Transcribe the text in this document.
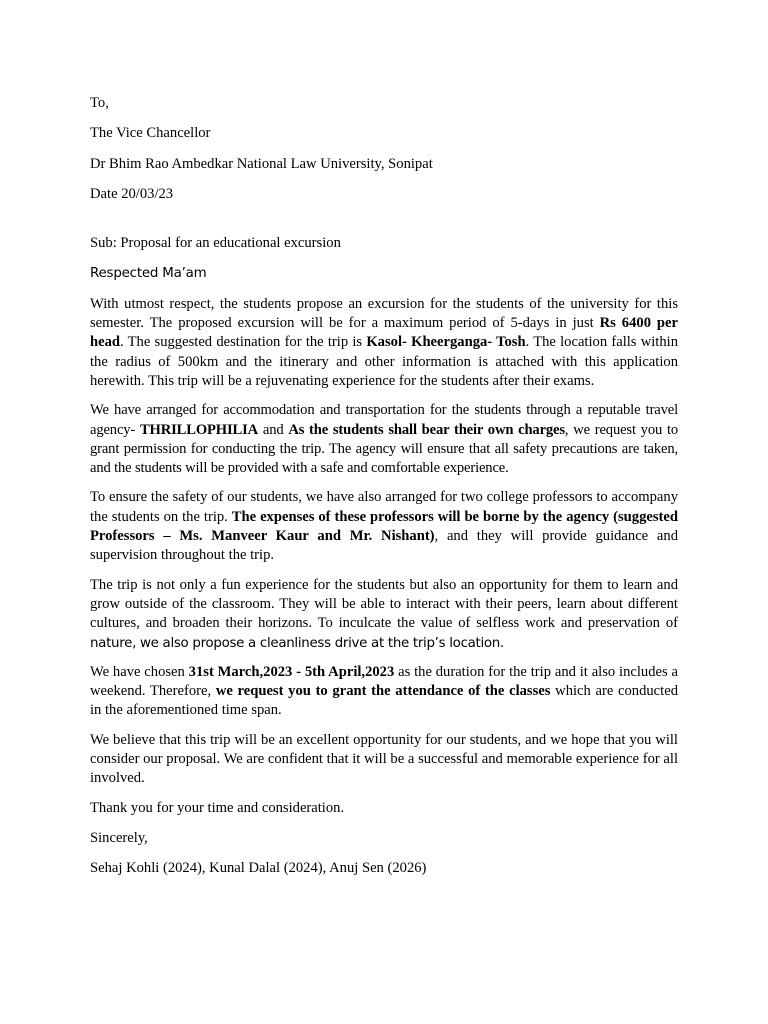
To,
The Vice Chancellor
Dr Bhim Rao Ambedkar National Law University, Sonipat
Date 20/03/23
Sub: Proposal for an educational excursion
Respected Ma’am

With utmost respect, the students propose an excursion for the students of the university for this semester. The proposed excursion will be for a maximum period of 5-days in just Rs 6400 per head. The suggested destination for the trip is Kasol- Kheerganga- Tosh. The location falls within the radius of 500km and the itinerary and other information is attached with this application herewith. This trip will be a rejuvenating experience for the students after their exams.

We have arranged for accommodation and transportation for the students through a reputable travel agency- THRILLOPHILIA and As the students shall bear their own charges, we request you to grant permission for conducting the trip. The agency will ensure that all safety precautions are taken, and the students will be provided with a safe and comfortable experience.

To ensure the safety of our students, we have also arranged for two college professors to accompany the students on the trip. The expenses of these professors will be borne by the agency (suggested Professors – Ms. Manveer Kaur and Mr. Nishant), and they will provide guidance and supervision throughout the trip.

The trip is not only a fun experience for the students but also an opportunity for them to learn and grow outside of the classroom. They will be able to interact with their peers, learn about different cultures, and broaden their horizons. To inculcate the value of selfless work and preservation of nature, we also propose a cleanliness drive at the trip’s location.

We have chosen 31st March,2023 - 5th April,2023 as the duration for the trip and it also includes a weekend. Therefore, we request you to grant the attendance of the classes which are conducted in the aforementioned time span.

We believe that this trip will be an excellent opportunity for our students, and we hope that you will consider our proposal. We are confident that it will be a successful and memorable experience for all involved.

Thank you for your time and consideration.
Sincerely,
Sehaj Kohli (2024), Kunal Dalal (2024), Anuj Sen (2026)
